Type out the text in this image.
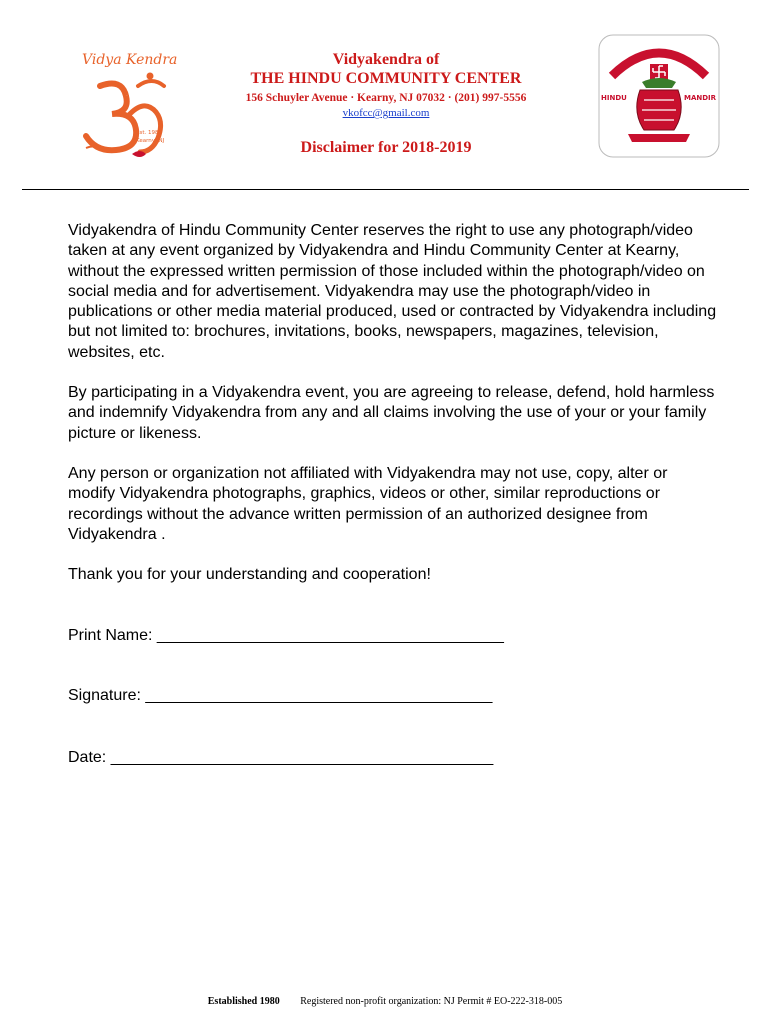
Vidya Kendra
Est. 1980
Kearny, NJ
Vidyakendra of
THE HINDU COMMUNITY CENTER
156 Schuyler Avenue · Kearny, NJ 07032 · (201) 997-5556
vkofcc@gmail.com
Disclaimer for 2018-2019
HINDU	MANDIR

Vidyakendra of Hindu Community Center reserves the right to use any photograph/video taken at any event organized by Vidyakendra and Hindu Community Center at Kearny, without the expressed written permission of those included within the photograph/video on social media and for advertisement. Vidyakendra may use the photograph/video in publications or other media material produced, used or contracted by Vidyakendra including but not limited to: brochures, invitations, books, newspapers, magazines, television, websites, etc.

By participating in a Vidyakendra event, you are agreeing to release, defend, hold harmless and indemnify Vidyakendra from any and all claims involving the use of your or your family picture or likeness.

Any person or organization not affiliated with Vidyakendra may not use, copy, alter or modify Vidyakendra photographs, graphics, videos or other, similar reproductions or recordings without the advance written permission of an authorized designee from Vidyakendra .

Thank you for your understanding and cooperation!

Print Name: _______________________________________
Signature: _______________________________________
Date: ___________________________________________
Established 1980 Registered non-profit organization: NJ Permit # EO-222-318-005
